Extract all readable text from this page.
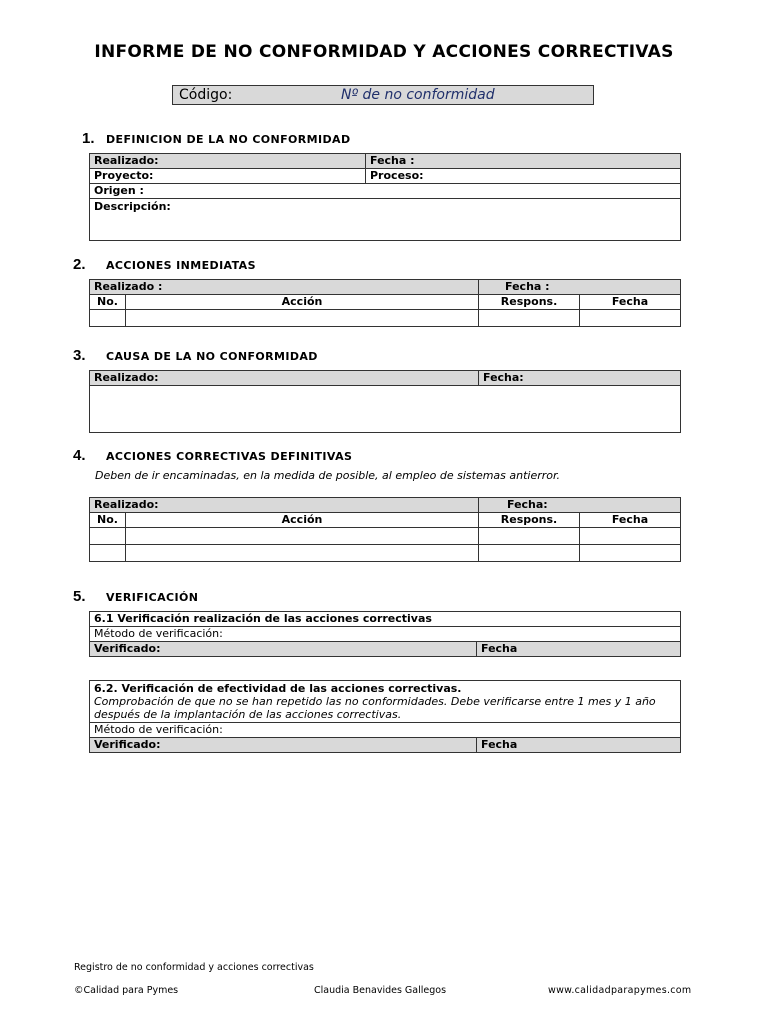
INFORME DE NO CONFORMIDAD Y ACCIONES CORRECTIVAS
Código:	Nº de no conformidad
1. DEFINICION DE LA NO CONFORMIDAD
Realizado:	Fecha :
Proyecto:	Proceso:
Origen :	
Descripción:	
2. ACCIONES INMEDIATAS
Realizado :		Fecha :	
No.	Acción	Respons.	Fecha

3. CAUSA DE LA NO CONFORMIDAD
Realizado:	Fecha:

4. ACCIONES CORRECTIVAS DEFINITIVAS
Deben de ir encaminadas, en la medida de posible, al empleo de sistemas antierror.
Realizado:		Fecha:	
No.	Acción	Respons.	Fecha

5. VERIFICACIÓN
6.1 Verificación realización de las acciones correctivas
Método de verificación:
Verificado:	Fecha
6.2. Verificación de efectividad de las acciones correctivas.
Comprobación de que no se han repetido las no conformidades. Debe verificarse entre 1 mes y 1 año después de la implantación de las acciones correctivas.

Método de verificación:
Verificado:	Fecha
Registro de no conformidad y acciones correctivas
©Calidad para Pymes	Claudia Benavides Gallegos	www.calidadparapymes.com
